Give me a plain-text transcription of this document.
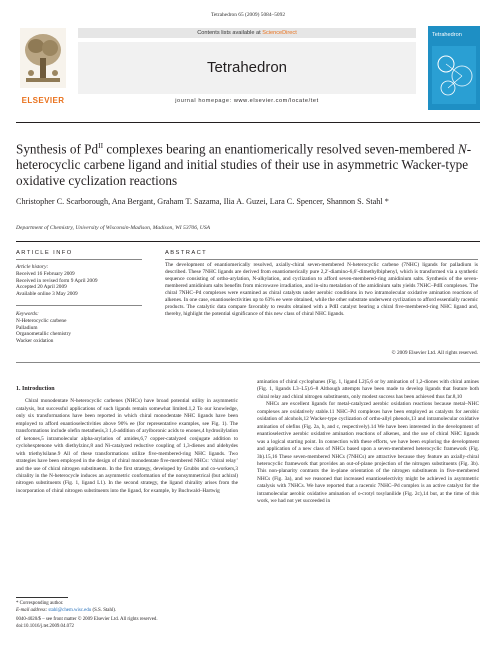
Tetrahedron 65 (2009) 5084–5092
ELSEVIER
Contents lists available at ScienceDirect
Tetrahedron
journal homepage: www.elsevier.com/locate/tet
Tetrahedron
Synthesis of $Pd^{II}$ complexes bearing an enantiomerically resolved seven-membered N-heterocyclic carbene ligand and initial studies of their use in asymmetric Wacker-type oxidative cyclization reactions
Christopher C. Scarborough, Ana Bergant, Graham T. Sazama, Ilia A. Guzei, Lara C. Spencer, Shannon S. Stahl *
Department of Chemistry, University of Wisconsin-Madison, Madison, WI 53706, USA
ARTICLE INFO	ABSTRACT
Article history:
Received 16 February 2009
Received in revised form 9 April 2009
Accepted 20 April 2009
Available online 3 May 2009
Keywords:
N-Heterocyclic carbene
Palladium
Organometallic chemistry
Wacker oxidation
The development of enantiomerically resolved, axially-chiral seven-membered N-heterocyclic carbene (7NHC) ligands for palladium is described. These 7NHC ligands are derived from enantiomerically pure 2,2′-diamino-6,6′-dimethylbiphenyl, which is transformed via a synthetic sequence consisting of ortho-arylation, N-alkylation, and cyclization to afford seven-membered-ring amidinium salts. Synthesis of the seven-membered amidinium salts benefits from microwave irradiation, and in-situ metalation of the amidinium salts yields 7NHC–PdII complexes. The chiral 7NHC–Pd complexes were examined as chiral catalysts under aerobic conditions in two intramolecular oxidative amination reactions of alkenes. In one case, enantioselectivities up to 63% ee were obtained, while the other substrate underwent cyclization to afford essentially racemic products. The catalytic data compare favorably to results obtained with a PdII catalyst bearing a chiral five-membered-ring NHC ligand and, thereby, highlight the potential significance of this new class of chiral NHC ligands.
© 2009 Elsevier Ltd. All rights reserved.

1. Introduction

Chiral monodentate N-heterocyclic carbenes (NHCs) have broad potential utility in asymmetric catalysis, but successful applications of such ligands remain somewhat limited.1,2 To our knowledge, only six transformations have been reported in which chiral monodentate NHC ligands have been employed to afford enantioselectivities above 90% ee (for representative examples, see Fig. 1). The transformations include olefin metathesis,3 1,4-addition of arylboronic acids to enones,4 hydrosilylation of ketones,5 intramolecular alpha-arylation of amides,6,7 copper-catalyzed conjugate addition to cyclohexptenone with diethylzinc,8 and Ni-catalyzed reductive coupling of 1,3-dienes and aldehydes with triethylsilane.9 All of these transformations utilize five-membered-ring NHC ligands. Two strategies have been employed in the design of chiral monodentate five-membered NHCs: ‘chiral relay’ and the use of chiral nitrogen substituents. In the first strategy, developed by Grubbs and co-workers,3 chirality in the N-heterocycle induces an asymmetric conformation of the nonsymmetrical (but achiral) nitrogen substituents (Fig. 1, ligand L1). In the second strategy, the ligand chirality arises from the incorporation of chiral nitrogen substituents into the ligand, for example, by Buchwald–Hartwig

amination of chiral cyclophanes (Fig. 1, ligand L2)5,6 or by amination of 1,2-diones with chiral amines (Fig. 1, ligands L3–L5).6–8 Although attempts have been made to develop ligands that feature both chiral relay and chiral nitrogen substituents, only modest success has been achieved thus far.8,10

NHCs are excellent ligands for metal-catalyzed aerobic oxidation reactions because metal–NHC complexes are oxidatively stable.11 NHC–Pd complexes have been employed as catalysts for aerobic oxidation of alcohols,12 Wacker-type cyclization of ortho-allyl phenols,13 and intramolecular oxidative amination of olefins (Fig. 2a, b, and c, respectively).14 We have been interested in the development of enantioselective aerobic oxidative amination reactions of alkenes, and the use of chiral NHC ligands was a logical starting point. In connection with these efforts, we have been exploring the development and application of a new class of NHCs based upon a seven-membered heterocyclic framework (Fig. 3b).15,16 These seven-membered NHCs (7NHCs) are attractive because they feature an axially-chiral heterocyclic framework that provides an out-of-plane projection of the nitrogen substituents (Fig. 3b). This non-planarity contrasts the in-plane orientation of the nitrogen substituents in five-membered NHCs (Fig. 3a), and we reasoned that increased enantioselectivity might be achieved in asymmetric catalysis with 7NHCs. We have reported that a racemic 7NHC–Pd complex is an active catalyst for the intramolecular aerobic oxidative amination of o-crotyl tosylanilide (Fig. 2c),14 but, at the time of this work, we had not yet succeeded in

* Corresponding author.
E-mail address: stahl@chem.wisc.edu (S.S. Stahl).
0040-4020/$ – see front matter © 2009 Elsevier Ltd. All rights reserved.
doi:10.1016/j.tet.2009.04.072
